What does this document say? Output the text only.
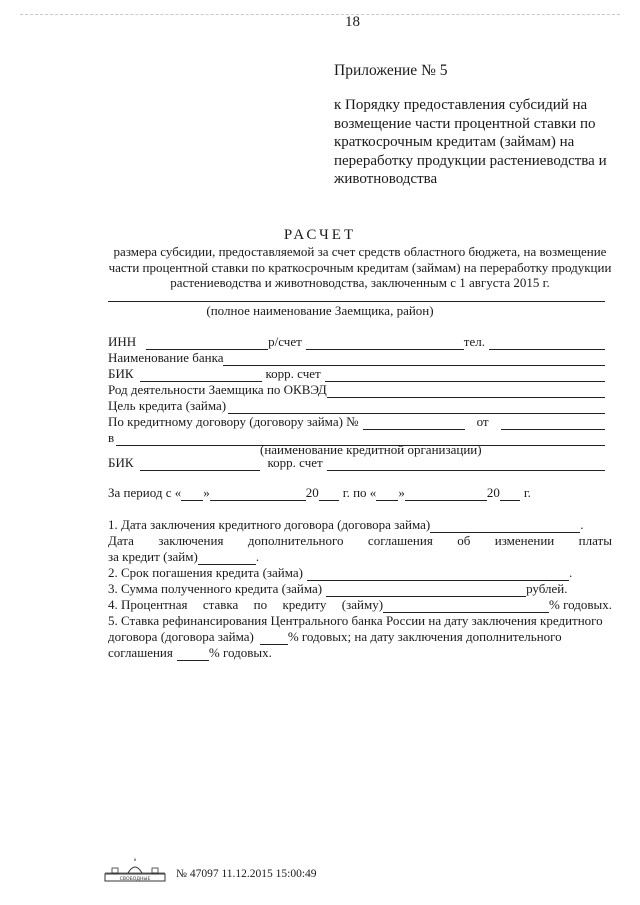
18
Приложение № 5
к Порядку предоставления субсидий на
возмещение части процентной ставки по
краткосрочным кредитам (займам) на
переработку продукции растениеводства и
животноводства
РАСЧЕТ
размера субсидии, предоставляемой за счет средств областного бюджета, на возмещение
части процентной ставки по краткосрочным кредитам (займам) на переработку продукции
растениеводства и животноводства, заключенным с 1 августа 2015 г.
(полное наименование Заемщика, район)
ИНН	р/счет	тел.
Наименование банка
БИК	корр. счет
Род деятельности Заемщика по ОКВЭД
Цель кредита (займа)
По кредитному договору (договору займа) №	от
в
(наименование кредитной организации)
БИК	корр. счет
За период с « »	20 г. по « »	20 г.
1. Дата заключения кредитного договора (договора займа)	.
Дата заключения дополнительного соглашения об изменении платы
за кредит (займ)	.
2. Срок погашения кредита (займа)	.
3. Сумма полученного кредита (займа)	рублей.
4. Процентная ставка по кредиту (займу)	% годовых.
5. Ставка рефинансирования Центрального банка России на дату заключения кредитного
договора (договора займа)	% годовых; на дату заключения дополнительного
соглашения	% годовых.
СВОБОДНЫЕ № 47097 11.12.2015 15:00:49
